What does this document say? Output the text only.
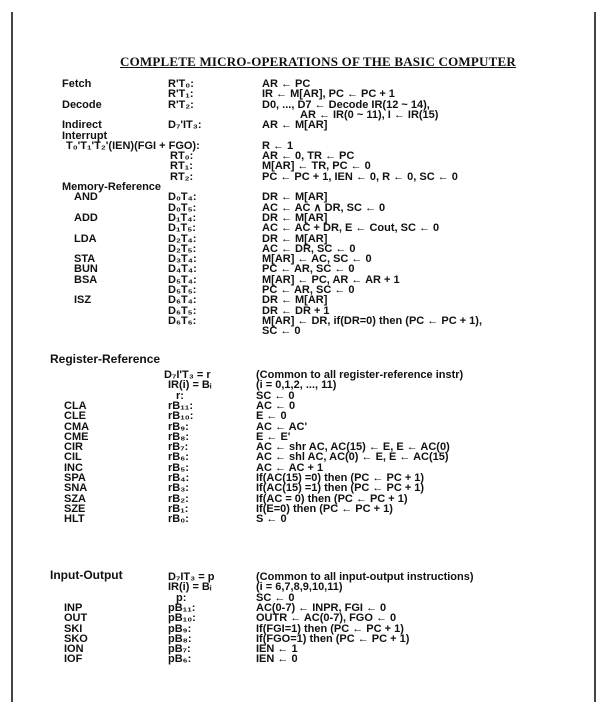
COMPLETE MICRO-OPERATIONS OF THE BASIC COMPUTER
Fetch	R'T₀:	AR ← PC
R'T₁:	IR ← M[AR], PC ← PC + 1
Decode	R'T₂:	D0, ..., D7 ← Decode IR(12 ~ 14),
AR ← IR(0 ~ 11), I ← IR(15)
Indirect	D₇'IT₃:	AR ← M[AR]
Interrupt
T₀'T₁'T₂'(IEN)(FGI + FGO):	R ← 1
RT₀:	AR ← 0, TR ← PC
RT₁:	M[AR] ← TR, PC ← 0
RT₂:	PC ← PC + 1, IEN ← 0, R ← 0, SC ← 0
Memory-Reference
AND	D₀T₄:	DR ← M[AR]
D₀T₅:	AC ← AC ∧ DR, SC ← 0
ADD	D₁T₄:	DR ← M[AR]
D₁T₅:	AC ← AC + DR, E ← Cout, SC ← 0
LDA	D₂T₄:	DR ← M[AR]
D₂T₅:	AC ← DR, SC ← 0
STA	D₃T₄:	M[AR] ← AC, SC ← 0
BUN	D₄T₄:	PC ← AR, SC ← 0
BSA	D₅T₄:	M[AR] ← PC, AR ← AR + 1
D₅T₅:	PC ← AR, SC ← 0
ISZ	D₆T₄:	DR ← M[AR]
D₆T₅:	DR ← DR + 1
D₆T₆:	M[AR] ← DR, if(DR=0) then (PC ← PC + 1),
SC ← 0
Register-Reference
D₇I'T₃ = r	(Common to all register-reference instr)
IR(i) = Bᵢ	(i = 0,1,2, ..., 11)
r:	SC ← 0
CLA	rB₁₁:	AC ← 0
CLE	rB₁₀:	E ← 0
CMA	rB₉:	AC ← AC'
CME	rB₈:	E ← E'
CIR	rB₇:	AC ← shr AC, AC(15) ← E, E ← AC(0)
CIL	rB₆:	AC ← shl AC, AC(0) ← E, E ← AC(15)
INC	rB₅:	AC ← AC + 1
SPA	rB₄:	If(AC(15) =0) then (PC ← PC + 1)
SNA	rB₃:	If(AC(15) =1) then (PC ← PC + 1)
SZA	rB₂:	If(AC = 0) then (PC ← PC + 1)
SZE	rB₁:	If(E=0) then (PC ← PC + 1)
HLT	rB₀:	S ← 0
Input-Output	D₇IT₃ = p	(Common to all input-output instructions)
IR(i) = Bᵢ	(i = 6,7,8,9,10,11)
p:	SC ← 0
INP	pB₁₁:	AC(0-7) ← INPR, FGI ← 0
OUT	pB₁₀:	OUTR ← AC(0-7), FGO ← 0
SKI	pB₉:	If(FGI=1) then (PC ← PC + 1)
SKO	pB₈:	If(FGO=1) then (PC ← PC + 1)
ION	pB₇:	IEN ← 1
IOF	pB₆:	IEN ← 0
